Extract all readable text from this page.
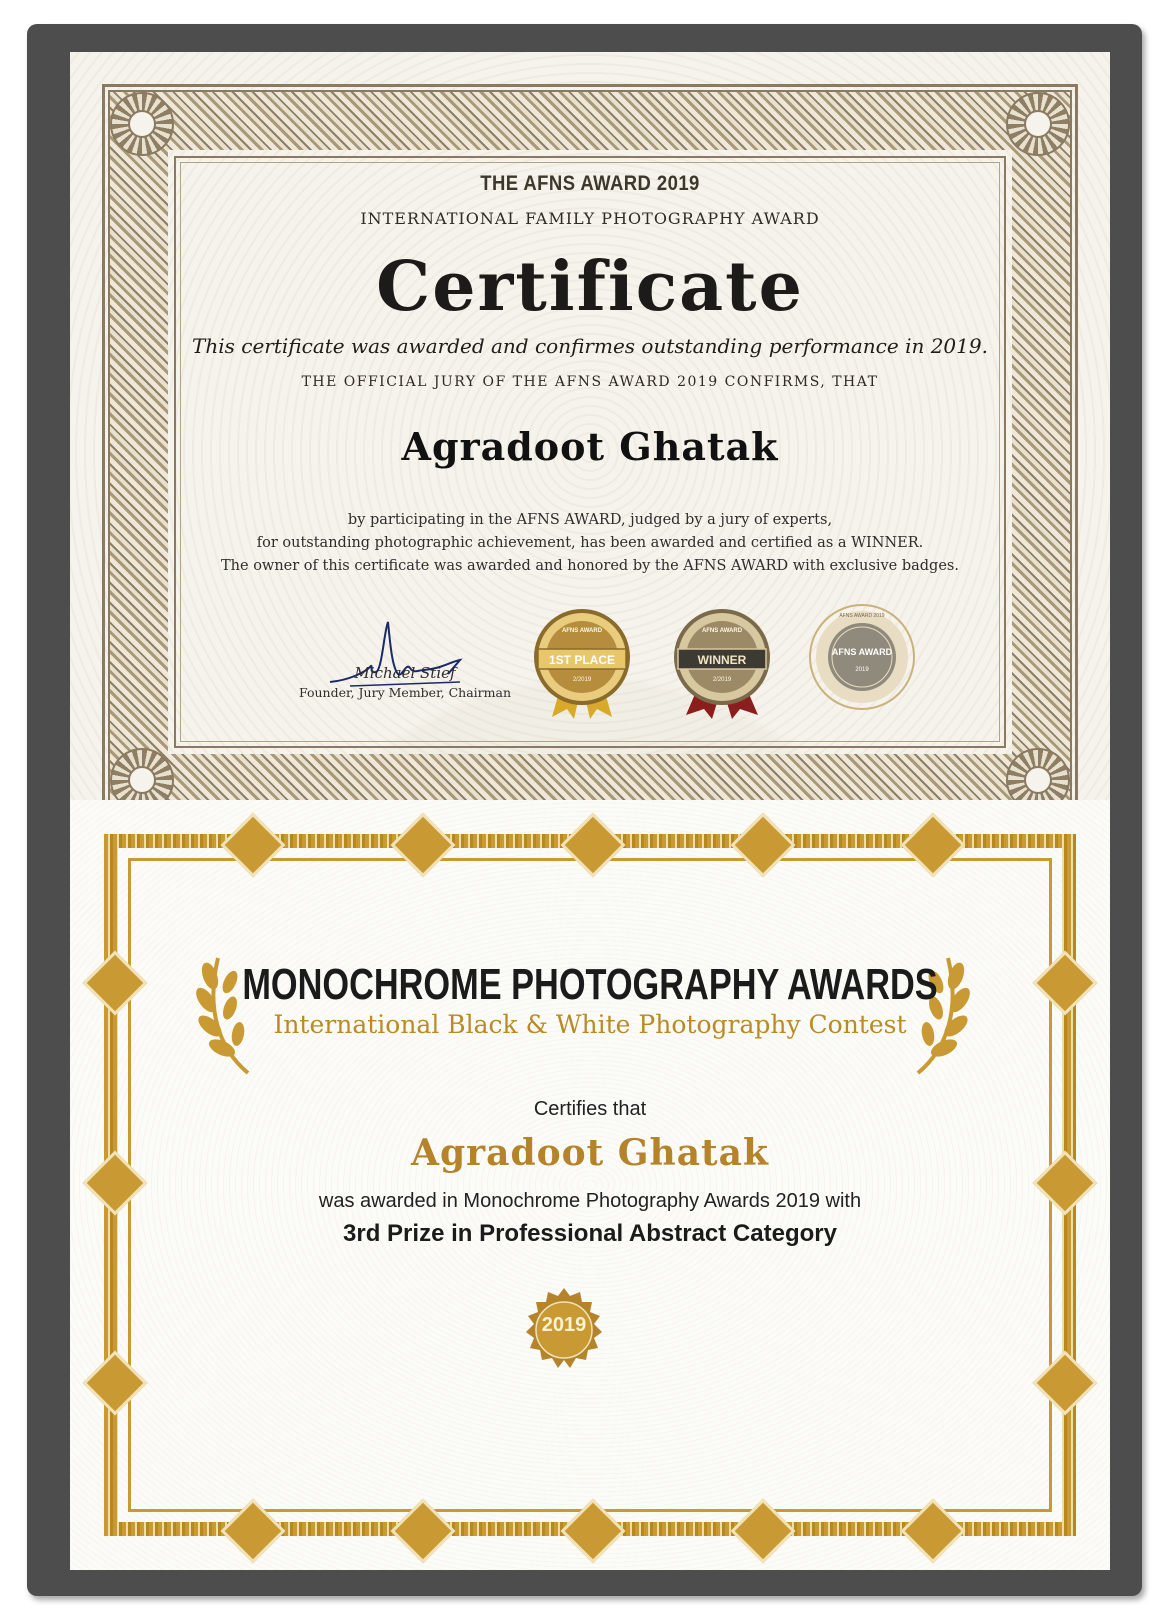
THE AFNS AWARD 2019

INTERNATIONAL FAMILY PHOTOGRAPHY AWARD

Certificate

This certificate was awarded and confirmes outstanding performance in 2019.

THE OFFICIAL JURY OF THE AFNS AWARD 2019 CONFIRMS, THAT

Agradoot Ghatak

by participating in the AFNS AWARD, judged by a jury of experts,
for outstanding photographic achievement, has been awarded and certified as a WINNER.
The owner of this certificate was awarded and honored by the AFNS AWARD with exclusive badges.
Michael Stief
Founder, Jury Member, Chairman
1ST PLACE
2/2019
AFNS AWARD
WINNER
2/2019
AFNS AWARD
AFNS AWARD
2019
AFNS AWARD 2019

MONOCHROME PHOTOGRAPHY AWARDS

International Black & White Photography Contest

Certifies that

Agradoot Ghatak

was awarded in Monochrome Photography Awards 2019 with

3rd Prize in Professional Abstract Category

2019
